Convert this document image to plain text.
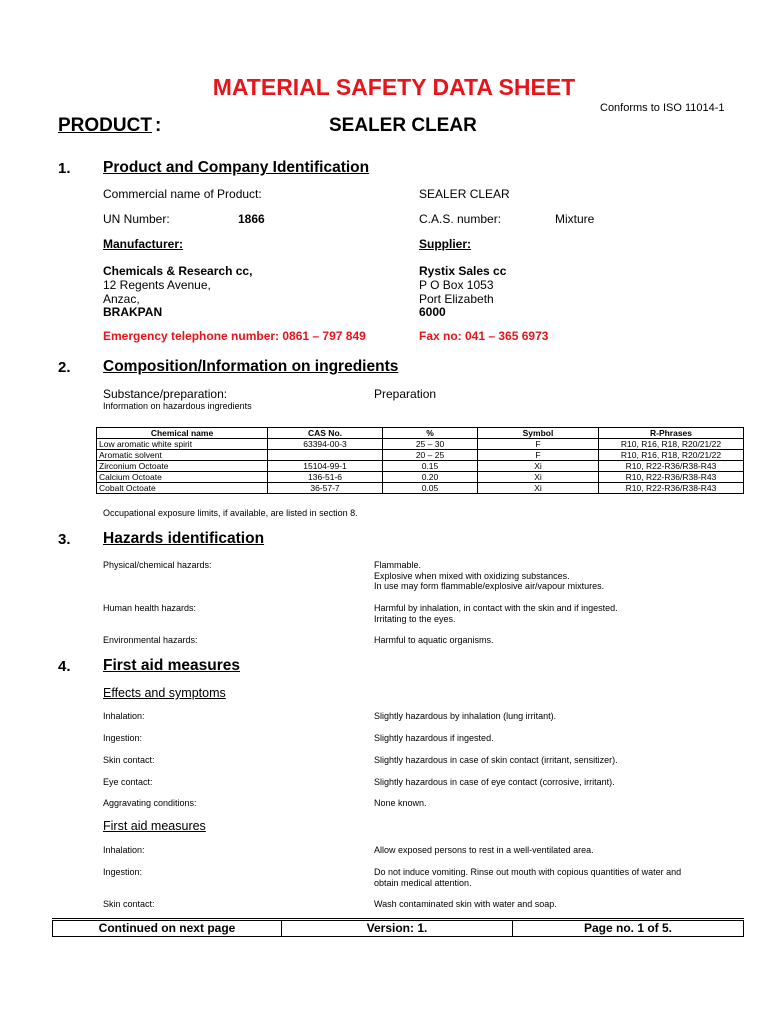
MATERIAL SAFETY DATA SHEET
Conforms to ISO 11014-1
PRODUCT :	SEALER CLEAR
1. Product and Company Identification
Commercial name of Product:	SEALER CLEAR
UN Number:	1866	C.A.S. number:	Mixture
Manufacturer:	Supplier:
Chemicals & Research cc,
12 Regents Avenue,
Anzac,
BRAKPAN
Rystix Sales cc
P O Box 1053
Port Elizabeth
6000
Emergency telephone number: 0861 – 797 849	Fax no: 041 – 365 6973
2. Composition/Information on ingredients
Substance/preparation:	Preparation
Information on hazardous ingredients
Chemical name	CAS No.	%	Symbol	R-Phrases
Low aromatic white spirit	63394-00-3	25 – 30	F	R10, R16, R18, R20/21/22
Aromatic solvent		20 – 25	F	R10, R16, R18, R20/21/22
Zirconium Octoate	15104-99-1	0.15	Xi	R10, R22-R36/R38-R43
Calcium Octoate	136-51-6	0.20	Xi	R10, R22-R36/R38-R43
Cobalt Octoate	36-57-7	0.05	Xi	R10, R22-R36/R38-R43
Occupational exposure limits, if available, are listed in section 8.
3. Hazards identification
Physical/chemical hazards:	Flammable.
Explosive when mixed with oxidizing substances.
In use may form flammable/explosive air/vapour mixtures.
Human health hazards:	Harmful by inhalation, in contact with the skin and if ingested.
Irritating to the eyes.
Environmental hazards:	Harmful to aquatic organisms.
4. First aid measures
Effects and symptoms
Inhalation:	Slightly hazardous by inhalation (lung irritant).
Ingestion:	Slightly hazardous if ingested.
Skin contact:	Slightly hazardous in case of skin contact (irritant, sensitizer).
Eye contact:	Slightly hazardous in case of eye contact (corrosive, irritant).
Aggravating conditions:	None known.
First aid measures
Inhalation:	Allow exposed persons to rest in a well-ventilated area.
Ingestion:	Do not induce vomiting. Rinse out mouth with copious quantities of water and
obtain medical attention.
Skin contact:	Wash contaminated skin with water and soap.
Continued on next page	Version: 1.	Page no. 1 of 5.
